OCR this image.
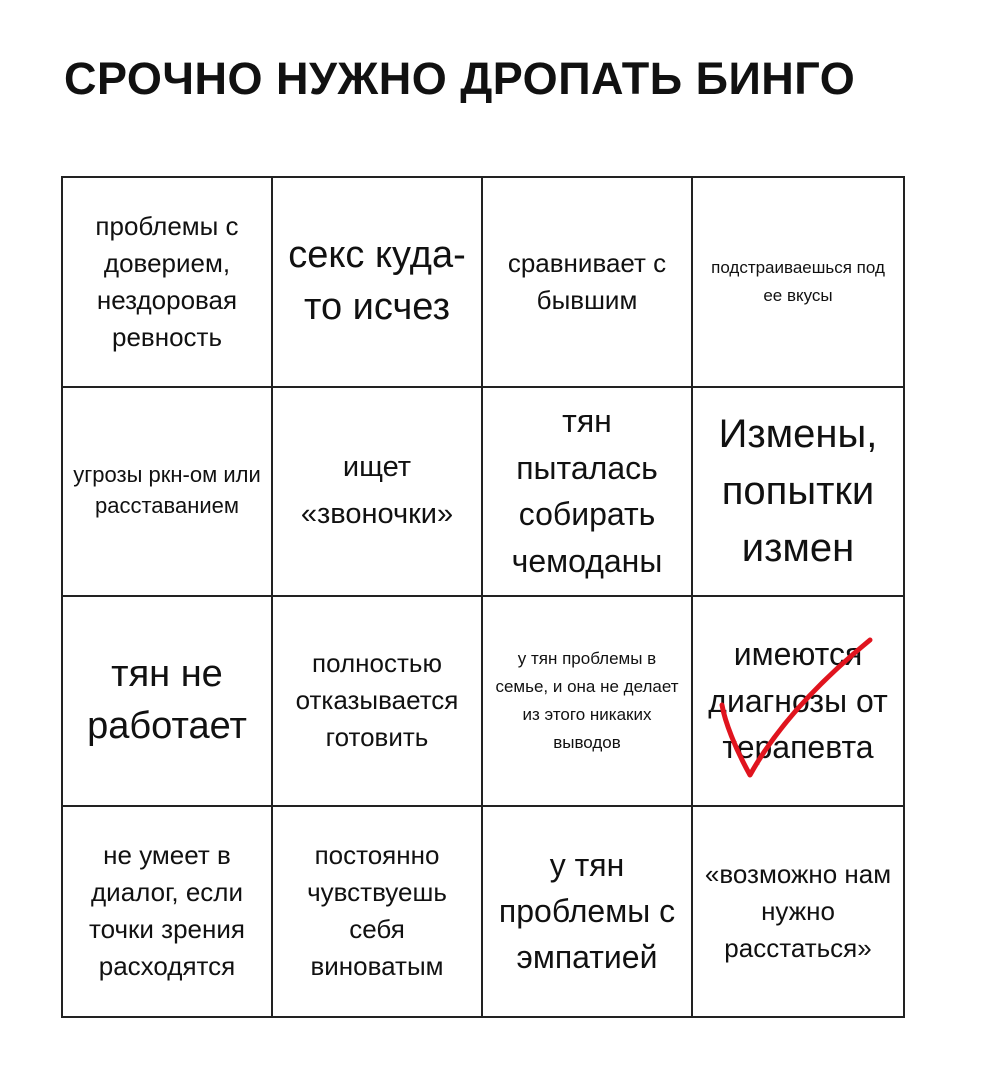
СРОЧНО НУЖНО ДРОПАТЬ БИНГО
проблемы с доверием, нездоровая ревность
секс куда-то исчез
сравнивает с бывшим
подстраиваешься под ее вкусы
угрозы ркн-ом или расставанием
ищет «звоночки»
тян пыталась собирать чемоданы
Измены, попытки измен
тян не работает
полностью отказывается готовить
у тян проблемы в семье, и она не делает из этого никаких выводов
имеются диагнозы от терапевта
не умеет в диалог, если точки зрения расходятся
постоянно чувствуешь себя виноватым
у тян проблемы с эмпатией
«возможно нам нужно расстаться»
